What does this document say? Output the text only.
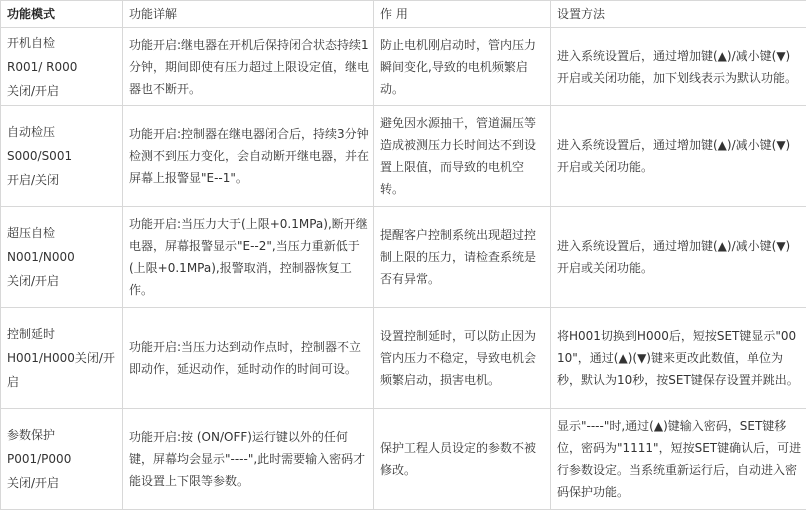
功能模式	功能详解	作 用	设置方法

开机自检
R001/ R000
关闭/开启	功能开启:继电器在开机后保持闭合状态持续1分钟，期间即使有压力超过上限设定值，继电器也不断开。	防止电机刚启动时，管内压力瞬间变化,导致的电机频繁启动。	进入系统设置后，通过增加键(▲)/减小键(▼)开启或关闭功能，加下划线表示为默认功能。

自动检压
S000/S001
开启/关闭	功能开启:控制器在继电器闭合后，持续3分钟检测不到压力变化，会自动断开继电器，并在屏幕上报警显"E--1"。	避免因水源抽干，管道漏压等造成被测压力长时间达不到设置上限值，而导致的电机空转。	进入系统设置后，通过增加键(▲)/减小键(▼)开启或关闭功能。

超压自检
N001/N000
关闭/开启	功能开启:当压力大于(上限+0.1MPa),断开继电器，屏幕报警显示"E--2",当压力重新低于(上限+0.1MPa),报警取消，控制器恢复工作。	提醒客户控制系统出现超过控制上限的压力，请检查系统是否有异常。	进入系统设置后，通过增加键(▲)/减小键(▼)开启或关闭功能。

控制延时
H001/H000关闭/开启	功能开启:当压力达到动作点时，控制器不立即动作，延迟动作，延时动作的时间可设。	设置控制延时，可以防止因为管内压力不稳定，导致电机会频繁启动，损害电机。	将H001切换到H000后，短按SET键显示"0010"，通过(▲)(▼)键来更改此数值，单位为秒，默认为10秒，按SET键保存设置并跳出。

参数保护
P001/P000
关闭/开启	功能开启:按 (ON/OFF)运行键以外的任何键，屏幕均会显示"----",此时需要输入密码才能设置上下限等参数。	保护工程人员设定的参数不被修改。	显示"----"时,通过(▲)键输入密码，SET键移位，密码为"1111"，短按SET键确认后，可进行参数设定。当系统重新运行后，自动进入密码保护功能。
